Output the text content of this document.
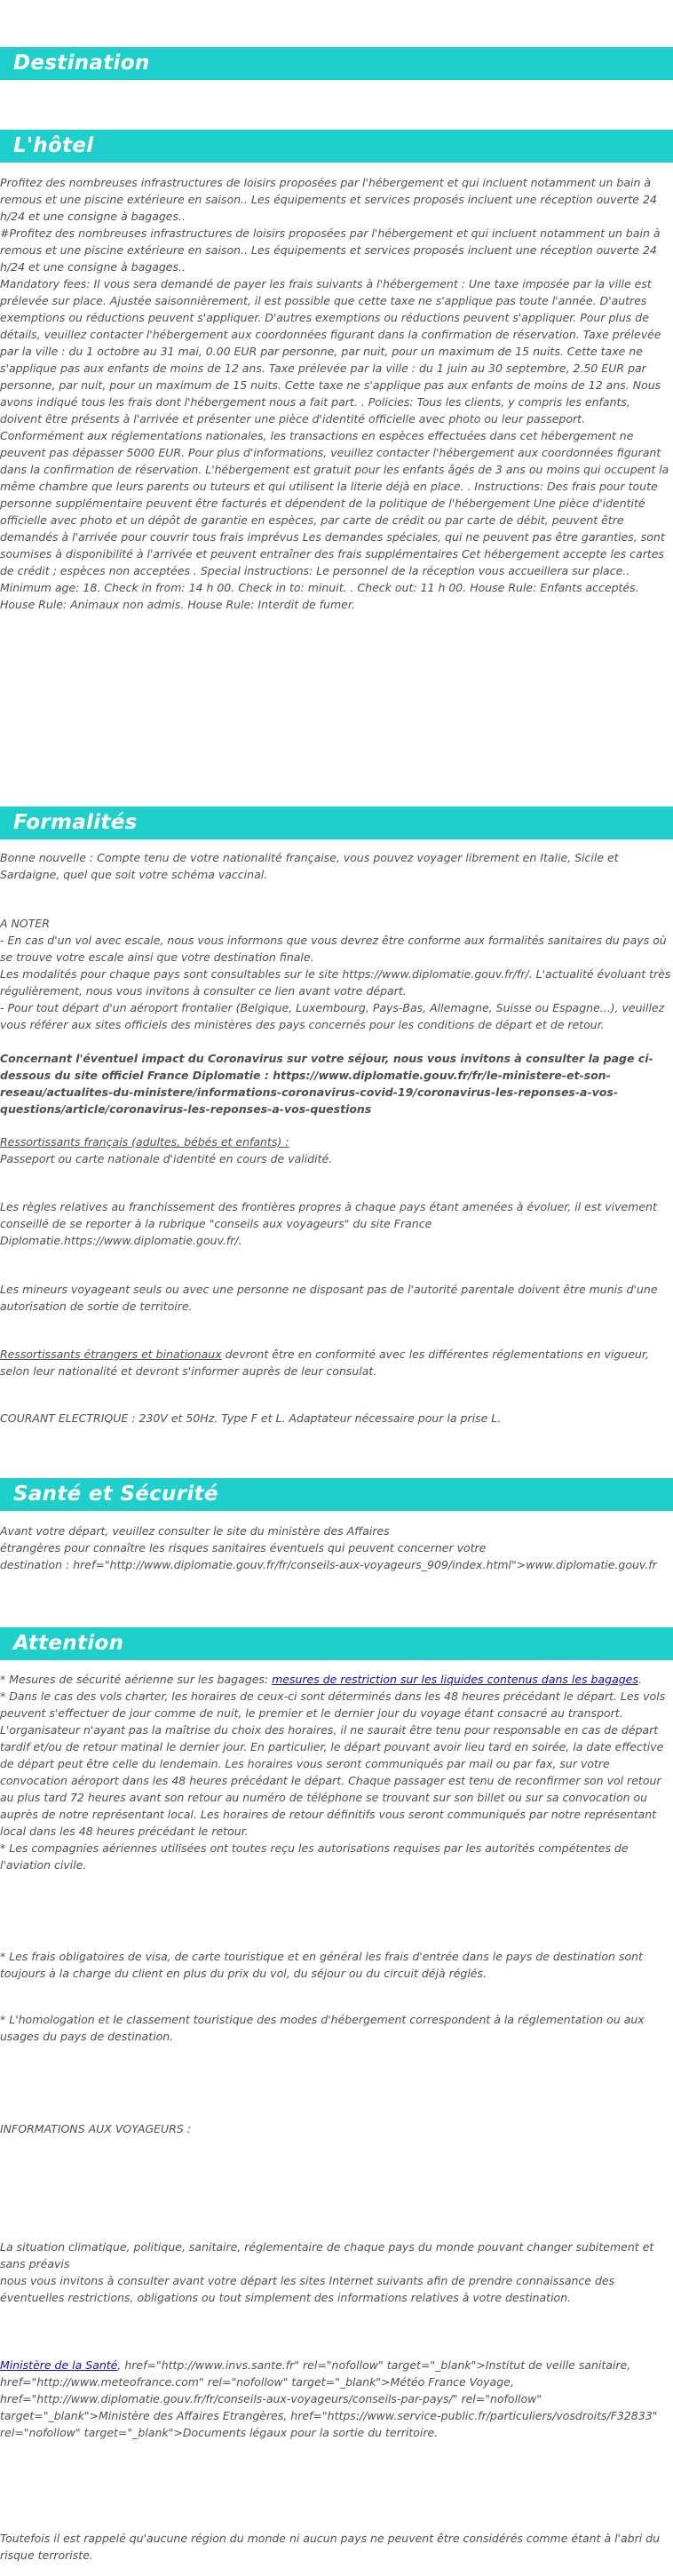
Destination
L'hôtel

Profitez des nombreuses infrastructures de loisirs proposées par l'hébergement et qui incluent notamment un bain à remous et une piscine extérieure en saison.. Les équipements et services proposés incluent une réception ouverte 24 h/24 et une consigne à bagages..

#Profitez des nombreuses infrastructures de loisirs proposées par l'hébergement et qui incluent notamment un bain à remous et une piscine extérieure en saison.. Les équipements et services proposés incluent une réception ouverte 24 h/24 et une consigne à bagages..

Mandatory fees: Il vous sera demandé de payer les frais suivants à l'hébergement : Une taxe imposée par la ville est prélevée sur place. Ajustée saisonnièrement, il est possible que cette taxe ne s'applique pas toute l'année. D'autres exemptions ou réductions peuvent s'appliquer. D'autres exemptions ou réductions peuvent s'appliquer. Pour plus de détails, veuillez contacter l'hébergement aux coordonnées figurant dans la confirmation de réservation. Taxe prélevée par la ville : du 1 octobre au 31 mai, 0.00 EUR par personne, par nuit, pour un maximum de 15 nuits. Cette taxe ne s'applique pas aux enfants de moins de 12 ans. Taxe prélevée par la ville : du 1 juin au 30 septembre, 2.50 EUR par personne, par nuit, pour un maximum de 15 nuits. Cette taxe ne s'applique pas aux enfants de moins de 12 ans. Nous avons indiqué tous les frais dont l'hébergement nous a fait part. . Policies: Tous les clients, y compris les enfants, doivent être présents à l'arrivée et présenter une pièce d'identité officielle avec photo ou leur passeport. Conformément aux réglementations nationales, les transactions en espèces effectuées dans cet hébergement ne peuvent pas dépasser 5000 EUR. Pour plus d'informations, veuillez contacter l'hébergement aux coordonnées figurant dans la confirmation de réservation. L'hébergement est gratuit pour les enfants âgés de 3 ans ou moins qui occupent la même chambre que leurs parents ou tuteurs et qui utilisent la literie déjà en place. . Instructions: Des frais pour toute personne supplémentaire peuvent être facturés et dépendent de la politique de l'hébergement Une pièce d'identité officielle avec photo et un dépôt de garantie en espèces, par carte de crédit ou par carte de débit, peuvent être demandés à l'arrivée pour couvrir tous frais imprévus Les demandes spéciales, qui ne peuvent pas être garanties, sont soumises à disponibilité à l'arrivée et peuvent entraîner des frais supplémentaires Cet hébergement accepte les cartes de crédit ; espèces non acceptées . Special instructions: Le personnel de la réception vous accueillera sur place.. Minimum age: 18. Check in from: 14 h 00. Check in to: minuit. . Check out: 11 h 00. House Rule: Enfants acceptés. House Rule: Animaux non admis. House Rule: Interdit de fumer.

Formalités

Bonne nouvelle : Compte tenu de votre nationalité française, vous pouvez voyager librement en Italie, Sicile et Sardaigne, quel que soit votre schéma vaccinal.

A NOTER

- En cas d'un vol avec escale, nous vous informons que vous devrez être conforme aux formalités sanitaires du pays où se trouve votre escale ainsi que votre destination finale.

Les modalités pour chaque pays sont consultables sur le site https://www.diplomatie.gouv.fr/fr/. L'actualité évoluant très régulièrement, nous vous invitons à consulter ce lien avant votre départ.

- Pour tout départ d'un aéroport frontalier (Belgique, Luxembourg, Pays-Bas, Allemagne, Suisse ou Espagne...), veuillez vous référer aux sites officiels des ministères des pays concernés pour les conditions de départ et de retour.

Concernant l'éventuel impact du Coronavirus sur votre séjour, nous vous invitons à consulter la page ci-dessous du site officiel France Diplomatie : https://www.diplomatie.gouv.fr/fr/le-ministere-et-son-reseau/actualites-du-ministere/informations-coronavirus-covid-19/coronavirus-les-reponses-a-vos-questions/article/coronavirus-les-reponses-a-vos-questions

Ressortissants français (adultes, bébés et enfants) :

Passeport ou carte nationale d'identité en cours de validité.

Les règles relatives au franchissement des frontières propres à chaque pays étant amenées à évoluer, il est vivement conseillé de se reporter à la rubrique "conseils aux voyageurs" du site France Diplomatie.https://www.diplomatie.gouv.fr/.

Les mineurs voyageant seuls ou avec une personne ne disposant pas de l'autorité parentale doivent être munis d'une autorisation de sortie de territoire.

Ressortissants étrangers et binationaux devront être en conformité avec les différentes réglementations en vigueur, selon leur nationalité et devront s'informer auprès de leur consulat.

COURANT ELECTRIQUE : 230V et 50Hz. Type F et L. Adaptateur nécessaire pour la prise L.

Santé et Sécurité

Avant votre départ, veuillez consulter le site du ministère des Affaires

étrangères pour connaître les risques sanitaires éventuels qui peuvent concerner votre

destination : href="http://www.diplomatie.gouv.fr/fr/conseils-aux-voyageurs_909/index.html">www.diplomatie.gouv.fr

Attention

* Mesures de sécurité aérienne sur les bagages: mesures de restriction sur les liquides contenus dans les bagages.

* Dans le cas des vols charter, les horaires de ceux-ci sont déterminés dans les 48 heures précédant le départ. Les vols peuvent s'effectuer de jour comme de nuit, le premier et le dernier jour du voyage étant consacré au transport. L'organisateur n'ayant pas la maîtrise du choix des horaires, il ne saurait être tenu pour responsable en cas de départ tardif et/ou de retour matinal le dernier jour. En particulier, le départ pouvant avoir lieu tard en soirée, la date effective de départ peut être celle du lendemain. Les horaires vous seront communiqués par mail ou par fax, sur votre convocation aéroport dans les 48 heures précédant le départ. Chaque passager est tenu de reconfirmer son vol retour au plus tard 72 heures avant son retour au numéro de téléphone se trouvant sur son billet ou sur sa convocation ou auprès de notre représentant local. Les horaires de retour définitifs vous seront communiqués par notre représentant local dans les 48 heures précédant le retour.

* Les compagnies aériennes utilisées ont toutes reçu les autorisations requises par les autorités compétentes de l'aviation civile.

* Les frais obligatoires de visa, de carte touristique et en général les frais d'entrée dans le pays de destination sont toujours à la charge du client en plus du prix du vol, du séjour ou du circuit déjà réglés.

* L'homologation et le classement touristique des modes d'hébergement correspondent à la réglementation ou aux usages du pays de destination.

INFORMATIONS AUX VOYAGEURS :

La situation climatique, politique, sanitaire, réglementaire de chaque pays du monde pouvant changer subitement et sans préavis
nous vous invitons à consulter avant votre départ les sites Internet suivants afin de prendre connaissance des éventuelles restrictions, obligations ou tout simplement des informations relatives à votre destination.

Ministère de la Santé, href="http://www.invs.sante.fr" rel="nofollow" target="_blank">Institut de veille sanitaire, href="http://www.meteofrance.com" rel="nofollow" target="_blank">Météo France Voyage, href="http://www.diplomatie.gouv.fr/fr/conseils-aux-voyageurs/conseils-par-pays/" rel="nofollow" target="_blank">Ministère des Affaires Etrangères, href="https://www.service-public.fr/particuliers/vosdroits/F32833" rel="nofollow" target="_blank">Documents légaux pour la sortie du territoire.

Toutefois il est rappelé qu'aucune région du monde ni aucun pays ne peuvent être considérés comme étant à l'abri du risque terroriste.
